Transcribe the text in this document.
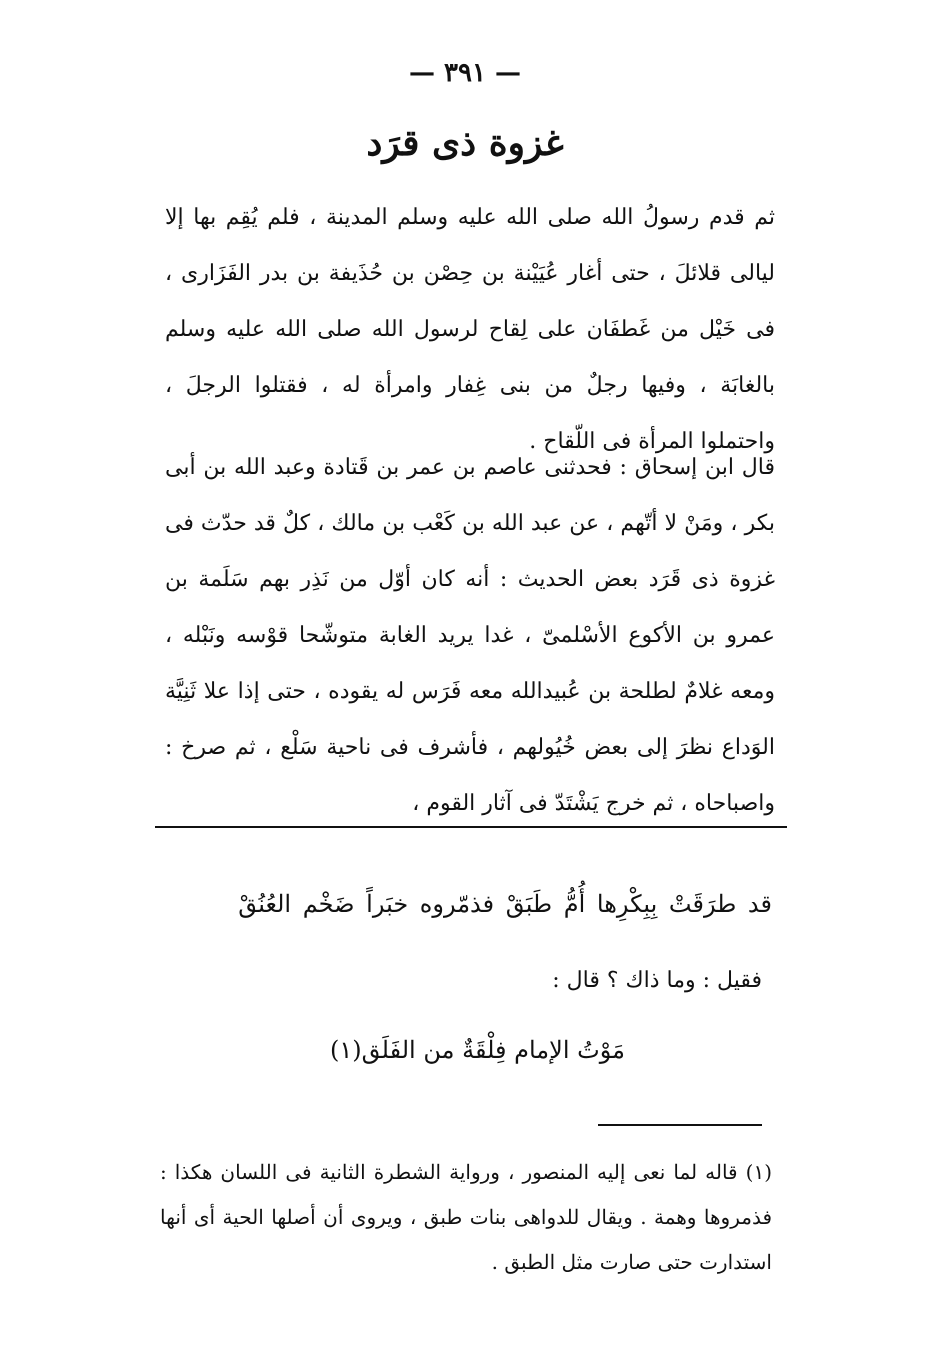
— ٣٩١ —
غزوة ذى قرَد

ثم قدم رسولُ الله صلى الله عليه وسلم المدينة ، فلم يُقِم بها إلا ليالى قلائلَ ، حتى أغار عُيَيْنة بن حِصْن بن حُذَيفة بن بدر الفَزَارى ، فى خَيْل من غَطفَان على لِقاح لرسول الله صلى الله عليه وسلم بالغابَة ، وفيها رجلٌ من بنى غِفار وامرأة له ، فقتلوا الرجلَ ، واحتملوا المرأة فى اللّقاح .

قال ابن إسحاق : فحدثنى عاصم بن عمر بن قَتادة وعبد الله بن أبى بكر ، ومَنْ لا أتّهم ، عن عبد الله بن كَعْب بن مالك ، كلٌ قد حدّث فى غزوة ذى قَرَد بعض الحديث : أنه كان أوّل من نَذِر بهم سَلَمة بن عمرو بن الأكوع الأسْلمىّ ، غدا يريد الغابة متوشّحا قوْسه ونَبْله ، ومعه غلامٌ لطلحة بن عُبيدالله معه فَرَس له يقوده ، حتى إذا علا ثَنِيَّة الوَداع نظرَ إلى بعض خُيُولهم ، فأشرف فى ناحية سَلْع ، ثم صرخ : واصباحاه ، ثم خرج يَشْتَدّ فى آثار القوم ،

قد طرَقَتْ بِبِكْرِها أُمُّ طَبَقْ فذمّروه خبَراً ضَخْم العُنُقْ

فقيل : وما ذاك ؟ قال :

مَوْتُ الإمام فِلْقَةٌ من الفَلَق(١)

(١) قاله لما نعى إليه المنصور ، ورواية الشطرة الثانية فى اللسان هكذا : فذمروها وهمة . ويقال للدواهى بنات طبق ، ويروى أن أصلها الحية أى أنها استدارت حتى صارت مثل الطبق .
